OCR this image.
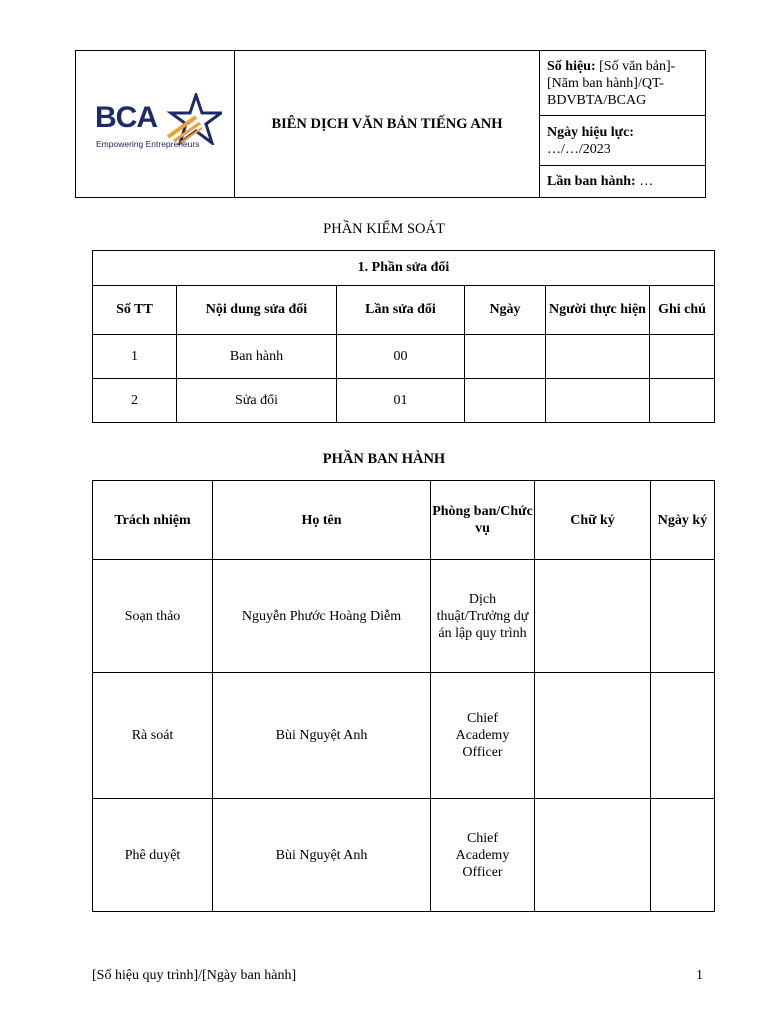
BCA
Empowering Entrepreneurs
	BIÊN DỊCH VĂN BẢN TIẾNG ANH	Số hiệu: [Số văn bản]-[Năm ban hành]/QT-BDVBTA/BCAG
Ngày hiệu lực:
…/…/2023
Lần ban hành: …
PHẦN KIỂM SOÁT
1. Phần sửa đổi					
Số TT	Nội dung sửa đổi	Lần sửa đổi	Ngày	Người thực hiện	Ghi chú
1	Ban hành	00			
2	Sửa đổi	01			
PHẦN BAN HÀNH
Trách nhiệm	Họ tên	Phòng ban/Chức vụ	Chữ ký	Ngày ký
Soạn thảo	Nguyễn Phước Hoàng Diễm	Dịch thuật/Trưởng dự án lập quy trình		
Rà soát	Bùi Nguyệt Anh	Chief Academy Officer		
Phê duyệt	Bùi Nguyệt Anh	Chief Academy Officer		
[Số hiệu quy trình]/[Ngày ban hành]	1
